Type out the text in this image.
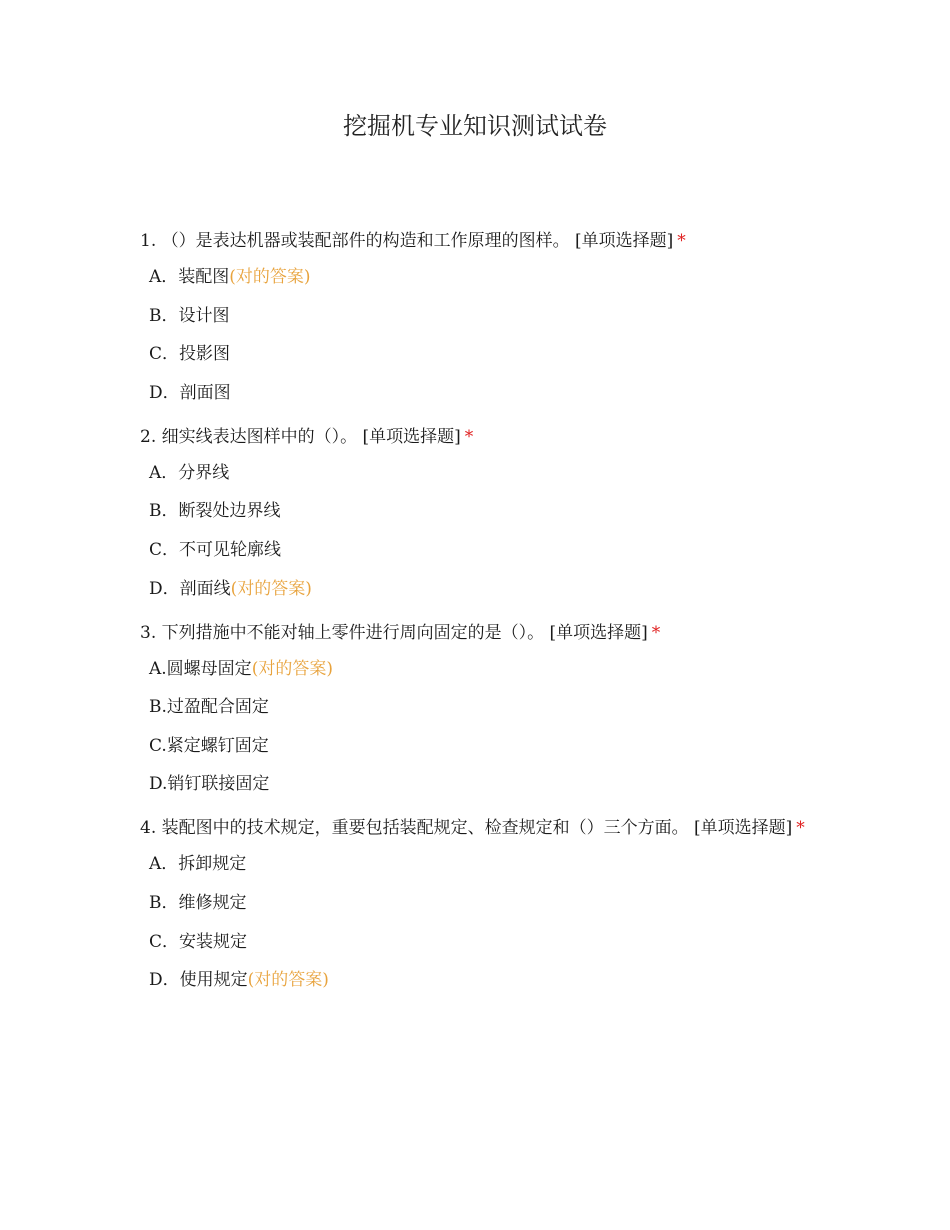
挖掘机专业知识测试试卷
1. （）是表达机器或装配部件的构造和工作原理的图样。 [单项选择题] *
A．装配图(对的答案)
B．设计图
C．投影图
D．剖面图
2. 细实线表达图样中的（）。 [单项选择题] *
A．分界线
B．断裂处边界线
C．不可见轮廓线
D．剖面线(对的答案)
3. 下列措施中不能对轴上零件进行周向固定的是（）。 [单项选择题] *
A.圆螺母固定(对的答案)
B.过盈配合固定
C.紧定螺钉固定
D.销钉联接固定
4. 装配图中的技术规定，重要包括装配规定、检查规定和（）三个方面。 [单项选择题] *
A．拆卸规定
B．维修规定
C．安装规定
D．使用规定(对的答案)
